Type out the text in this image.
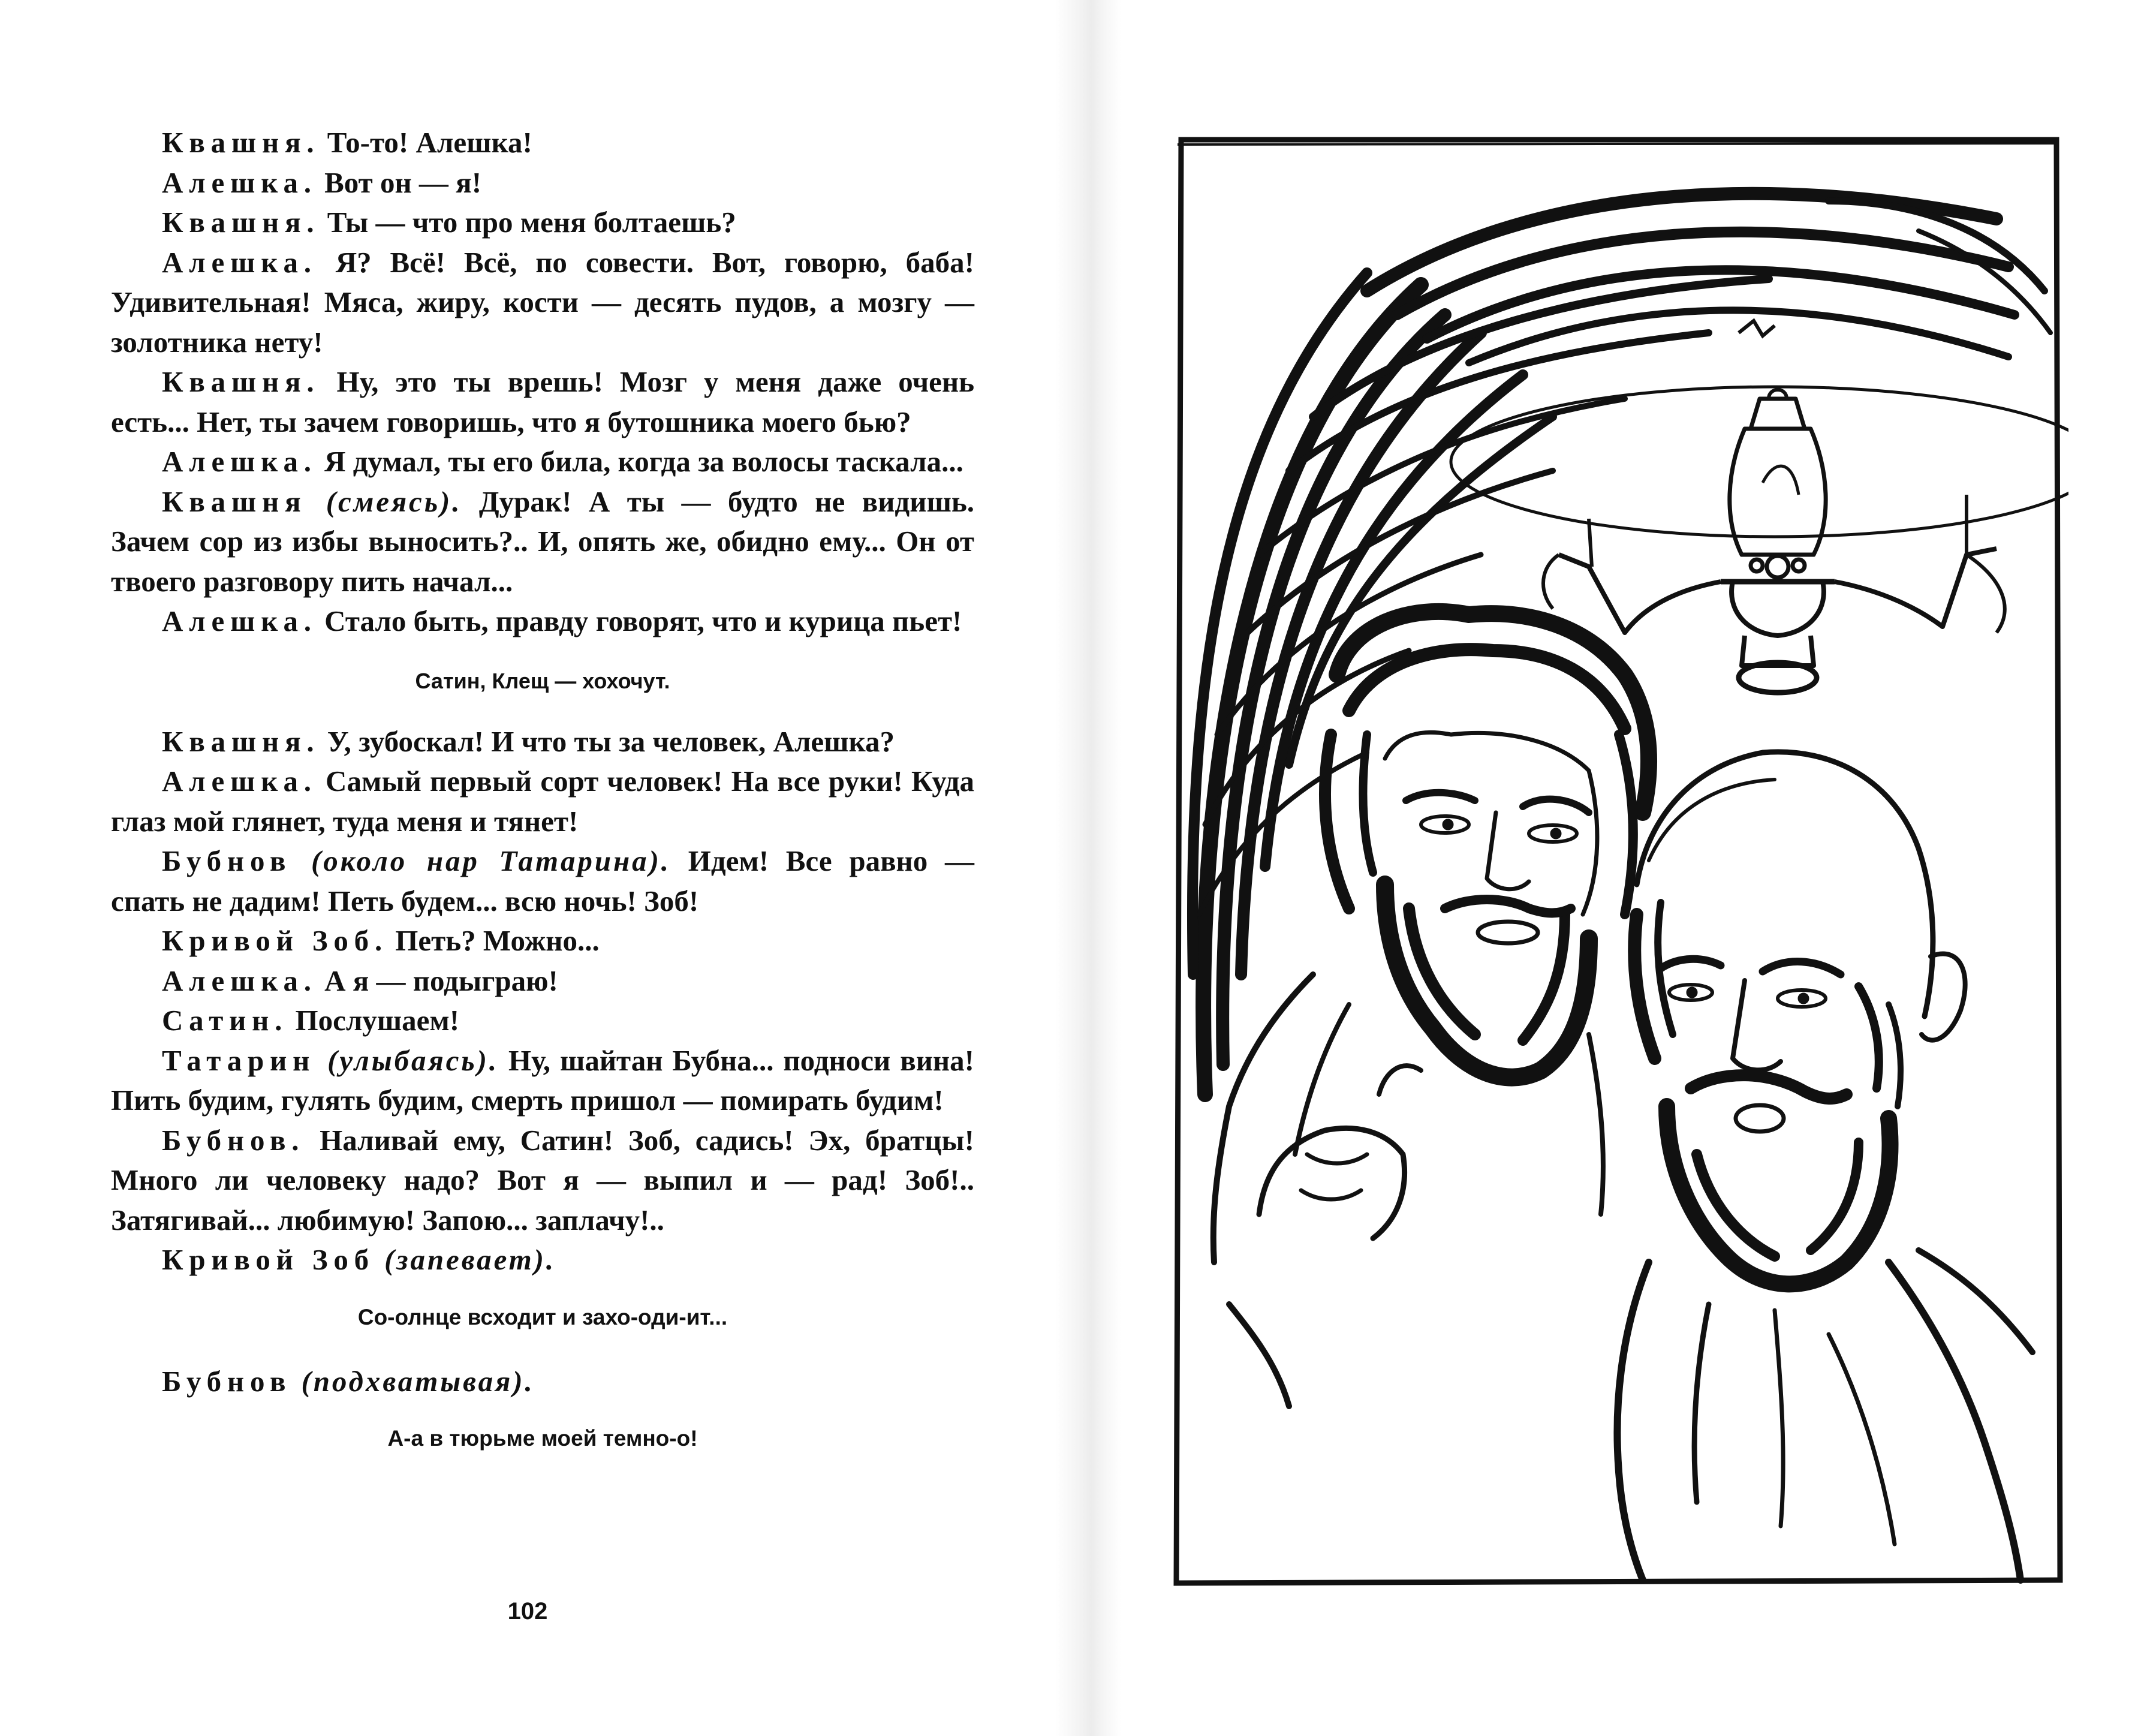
Квашня. То-то! Алешка!

Алешка. Вот он — я!

Квашня. Ты — что про меня болтаешь?

Алешка. Я? Всё! Всё, по совести. Вот, говорю, баба! Удивительная! Мяса, жиру, кости — десять пудов, а мозгу — золотника нету!

Квашня. Ну, это ты врешь! Мозг у меня даже очень есть... Нет, ты зачем говоришь, что я бутошника моего бью?

Алешка. Я думал, ты его била, когда за волосы таскала...

Квашня (смеясь). Дурак! А ты — будто не видишь. Зачем сор из избы выносить?.. И, опять же, обидно ему... Он от твоего разговору пить начал...

Алешка. Стало быть, правду говорят, что и курица пьет!

Сатин, Клещ — хохочут.

Квашня. У, зубоскал! И что ты за человек, Алешка?

Алешка. Самый первый сорт человек! На все руки! Куда глаз мой глянет, туда меня и тянет!

Бубнов (около нар Татарина). Идем! Все равно — спать не дадим! Петь будем... всю ночь! Зоб!

Кривой Зоб. Петь? Можно...

Алешка. А я — подыграю!

Сатин. Послушаем!

Татарин (улыбаясь). Ну, шайтан Бубна... подноси вина! Пить будим, гулять будим, смерть пришол — помирать будим!

Бубнов. Наливай ему, Сатин! Зоб, садись! Эх, братцы! Много ли человеку надо? Вот я — выпил и — рад! Зоб!.. Затягивай... любимую! Запою... заплачу!..

Кривой Зоб (запевает).

Со-олнце всходит и захо-оди-ит...

Бубнов (подхватывая).

А-а в тюрьме моей темно-о!

102
